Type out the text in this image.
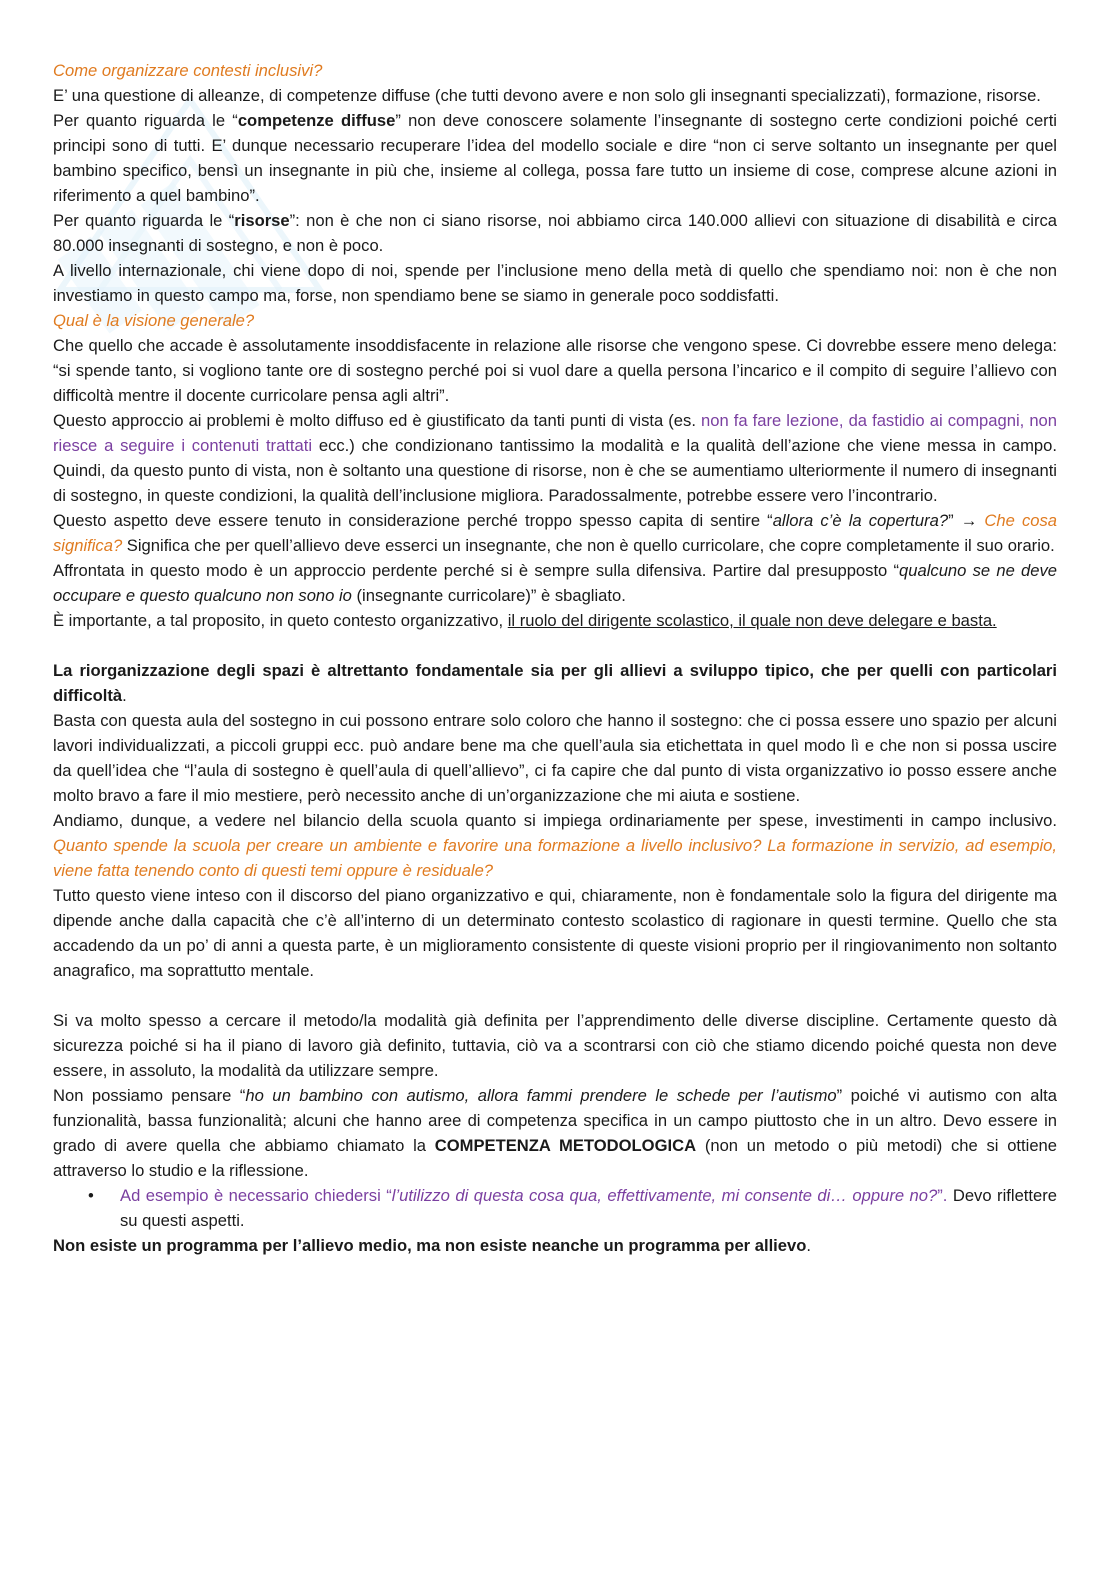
Come organizzare contesti inclusivi?

E’ una questione di alleanze, di competenze diffuse (che tutti devono avere e non solo gli insegnanti specializzati), formazione, risorse.

Per quanto riguarda le “competenze diffuse” non deve conoscere solamente l’insegnante di sostegno certe condizioni poiché certi principi sono di tutti. E’ dunque necessario recuperare l’idea del modello sociale e dire “non ci serve soltanto un insegnante per quel bambino specifico, bensì un insegnante in più che, insieme al collega, possa fare tutto un insieme di cose, comprese alcune azioni in riferimento a quel bambino”.

Per quanto riguarda le “risorse”: non è che non ci siano risorse, noi abbiamo circa 140.000 allievi con situazione di disabilità e circa 80.000 insegnanti di sostegno, e non è poco.

A livello internazionale, chi viene dopo di noi, spende per l’inclusione meno della metà di quello che spendiamo noi: non è che non investiamo in questo campo ma, forse, non spendiamo bene se siamo in generale poco soddisfatti.

Qual è la visione generale?

Che quello che accade è assolutamente insoddisfacente in relazione alle risorse che vengono spese. Ci dovrebbe essere meno delega: “si spende tanto, si vogliono tante ore di sostegno perché poi si vuol dare a quella persona l’incarico e il compito di seguire l’allievo con difficoltà mentre il docente curricolare pensa agli altri”.

Questo approccio ai problemi è molto diffuso ed è giustificato da tanti punti di vista (es. non fa fare lezione, da fastidio ai compagni, non riesce a seguire i contenuti trattati ecc.) che condizionano tantissimo la modalità e la qualità dell’azione che viene messa in campo. Quindi, da questo punto di vista, non è soltanto una questione di risorse, non è che se aumentiamo ulteriormente il numero di insegnanti di sostegno, in queste condizioni, la qualità dell’inclusione migliora. Paradossalmente, potrebbe essere vero l’incontrario.

Questo aspetto deve essere tenuto in considerazione perché troppo spesso capita di sentire “allora c’è la copertura?” → Che cosa significa? Significa che per quell’allievo deve esserci un insegnante, che non è quello curricolare, che copre completamente il suo orario.

Affrontata in questo modo è un approccio perdente perché si è sempre sulla difensiva. Partire dal presupposto “qualcuno se ne deve occupare e questo qualcuno non sono io (insegnante curricolare)” è sbagliato.

È importante, a tal proposito, in queto contesto organizzativo, il ruolo del dirigente scolastico, il quale non deve delegare e basta.

La riorganizzazione degli spazi è altrettanto fondamentale sia per gli allievi a sviluppo tipico, che per quelli con particolari difficoltà.

Basta con questa aula del sostegno in cui possono entrare solo coloro che hanno il sostegno: che ci possa essere uno spazio per alcuni lavori individualizzati, a piccoli gruppi ecc. può andare bene ma che quell’aula sia etichettata in quel modo lì e che non si possa uscire da quell’idea che “l’aula di sostegno è quell’aula di quell’allievo”, ci fa capire che dal punto di vista organizzativo io posso essere anche molto bravo a fare il mio mestiere, però necessito anche di un’organizzazione che mi aiuta e sostiene.

Andiamo, dunque, a vedere nel bilancio della scuola quanto si impiega ordinariamente per spese, investimenti in campo inclusivo. Quanto spende la scuola per creare un ambiente e favorire una formazione a livello inclusivo? La formazione in servizio, ad esempio, viene fatta tenendo conto di questi temi oppure è residuale?

Tutto questo viene inteso con il discorso del piano organizzativo e qui, chiaramente, non è fondamentale solo la figura del dirigente ma dipende anche dalla capacità che c’è all’interno di un determinato contesto scolastico di ragionare in questi termine. Quello che sta accadendo da un po’ di anni a questa parte, è un miglioramento consistente di queste visioni proprio per il ringiovanimento non soltanto anagrafico, ma soprattutto mentale.

Si va molto spesso a cercare il metodo/la modalità già definita per l’apprendimento delle diverse discipline. Certamente questo dà sicurezza poiché si ha il piano di lavoro già definito, tuttavia, ciò va a scontrarsi con ciò che stiamo dicendo poiché questa non deve essere, in assoluto, la modalità da utilizzare sempre.

Non possiamo pensare “ho un bambino con autismo, allora fammi prendere le schede per l’autismo” poiché vi autismo con alta funzionalità, bassa funzionalità; alcuni che hanno aree di competenza specifica in un campo piuttosto che in un altro. Devo essere in grado di avere quella che abbiamo chiamato la COMPETENZA METODOLOGICA (non un metodo o più metodi) che si ottiene attraverso lo studio e la riflessione.

• Ad esempio è necessario chiedersi “l’utilizzo di questa cosa qua, effettivamente, mi consente di… oppure no?”. Devo riflettere su questi aspetti.

Non esiste un programma per l’allievo medio, ma non esiste neanche un programma per allievo.
